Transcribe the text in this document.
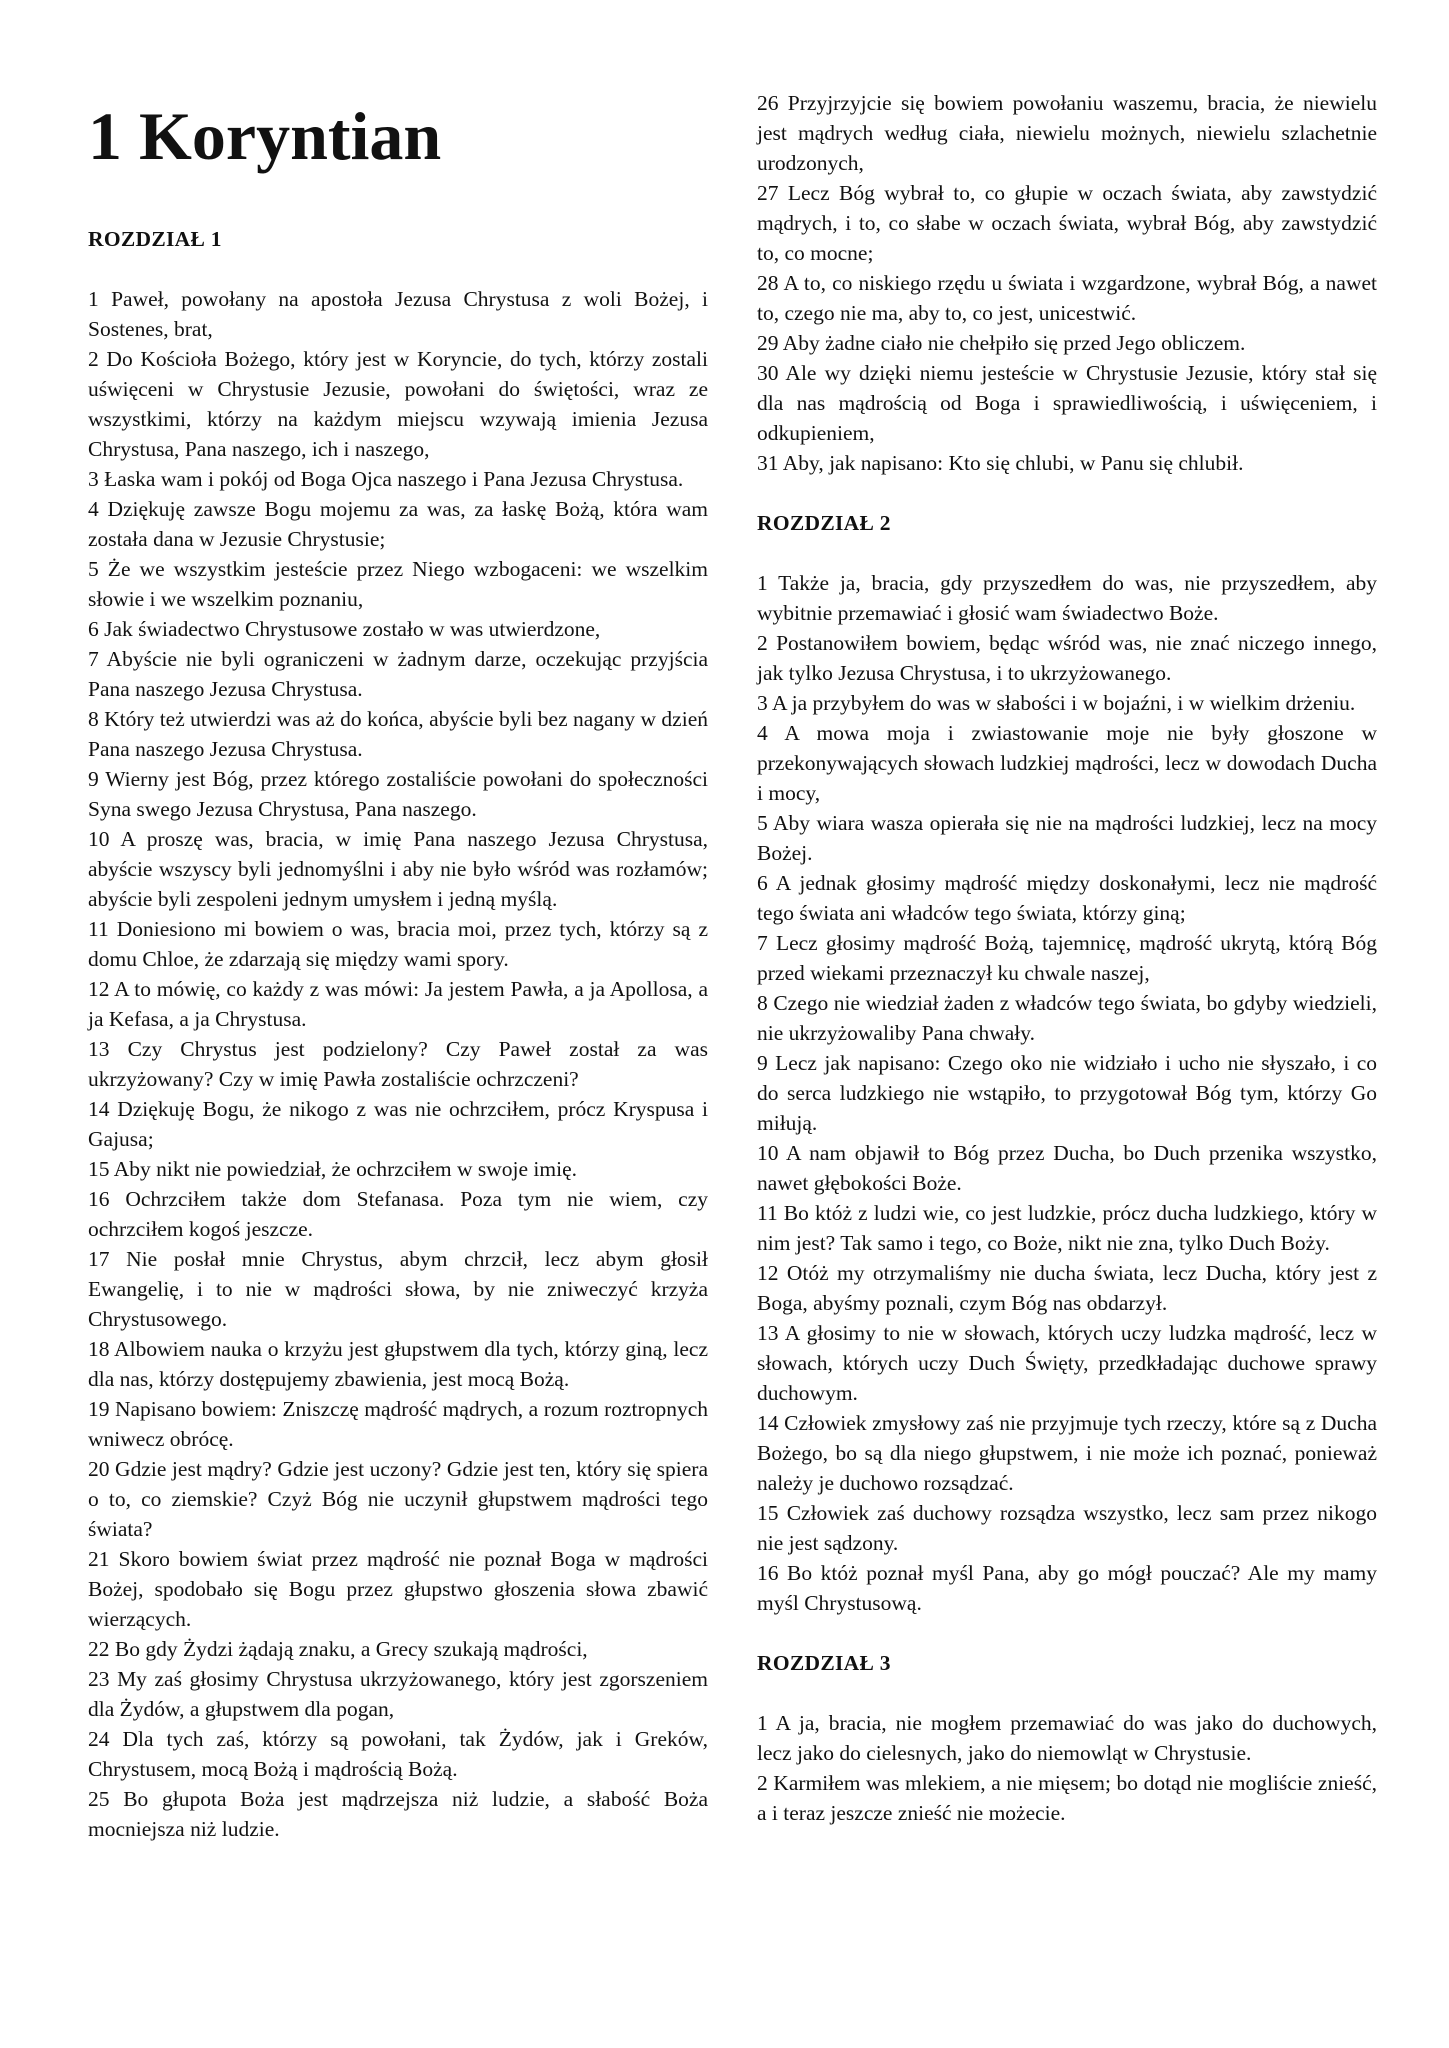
1 Koryntian
ROZDZIAŁ 1

1 Paweł, powołany na apostoła Jezusa Chrystusa z woli Bożej, i Sostenes, brat,

2 Do Kościoła Bożego, który jest w Koryncie, do tych, którzy zostali uświęceni w Chrystusie Jezusie, powołani do świętości, wraz ze wszystkimi, którzy na każdym miejscu wzywają imienia Jezusa Chrystusa, Pana naszego, ich i naszego,

3 Łaska wam i pokój od Boga Ojca naszego i Pana Jezusa Chrystusa.

4 Dziękuję zawsze Bogu mojemu za was, za łaskę Bożą, która wam została dana w Jezusie Chrystusie;

5 Że we wszystkim jesteście przez Niego wzbogaceni: we wszelkim słowie i we wszelkim poznaniu,

6 Jak świadectwo Chrystusowe zostało w was utwierdzone,

7 Abyście nie byli ograniczeni w żadnym darze, oczekując przyjścia Pana naszego Jezusa Chrystusa.

8 Który też utwierdzi was aż do końca, abyście byli bez nagany w dzień Pana naszego Jezusa Chrystusa.

9 Wierny jest Bóg, przez którego zostaliście powołani do społeczności Syna swego Jezusa Chrystusa, Pana naszego.

10 A proszę was, bracia, w imię Pana naszego Jezusa Chrystusa, abyście wszyscy byli jednomyślni i aby nie było wśród was rozłamów; abyście byli zespoleni jednym umysłem i jedną myślą.

11 Doniesiono mi bowiem o was, bracia moi, przez tych, którzy są z domu Chloe, że zdarzają się między wami spory.

12 A to mówię, co każdy z was mówi: Ja jestem Pawła, a ja Apollosa, a ja Kefasa, a ja Chrystusa.

13 Czy Chrystus jest podzielony? Czy Paweł został za was ukrzyżowany? Czy w imię Pawła zostaliście ochrzczeni?

14 Dziękuję Bogu, że nikogo z was nie ochrzciłem, prócz Kryspusa i Gajusa;

15 Aby nikt nie powiedział, że ochrzciłem w swoje imię.

16 Ochrzciłem także dom Stefanasa. Poza tym nie wiem, czy ochrzciłem kogoś jeszcze.

17 Nie posłał mnie Chrystus, abym chrzcił, lecz abym głosił Ewangelię, i to nie w mądrości słowa, by nie zniweczyć krzyża Chrystusowego.

18 Albowiem nauka o krzyżu jest głupstwem dla tych, którzy giną, lecz dla nas, którzy dostępujemy zbawienia, jest mocą Bożą.

19 Napisano bowiem: Zniszczę mądrość mądrych, a rozum roztropnych wniwecz obrócę.

20 Gdzie jest mądry? Gdzie jest uczony? Gdzie jest ten, który się spiera o to, co ziemskie? Czyż Bóg nie uczynił głupstwem mądrości tego świata?

21 Skoro bowiem świat przez mądrość nie poznał Boga w mądrości Bożej, spodobało się Bogu przez głupstwo głoszenia słowa zbawić wierzących.

22 Bo gdy Żydzi żądają znaku, a Grecy szukają mądrości,

23 My zaś głosimy Chrystusa ukrzyżowanego, który jest zgorszeniem dla Żydów, a głupstwem dla pogan,

24 Dla tych zaś, którzy są powołani, tak Żydów, jak i Greków, Chrystusem, mocą Bożą i mądrością Bożą.

25 Bo głupota Boża jest mądrzejsza niż ludzie, a słabość Boża mocniejsza niż ludzie.

26 Przyjrzyjcie się bowiem powołaniu waszemu, bracia, że niewielu jest mądrych według ciała, niewielu możnych, niewielu szlachetnie urodzonych,

27 Lecz Bóg wybrał to, co głupie w oczach świata, aby zawstydzić mądrych, i to, co słabe w oczach świata, wybrał Bóg, aby zawstydzić to, co mocne;

28 A to, co niskiego rzędu u świata i wzgardzone, wybrał Bóg, a nawet to, czego nie ma, aby to, co jest, unicestwić.

29 Aby żadne ciało nie chełpiło się przed Jego obliczem.

30 Ale wy dzięki niemu jesteście w Chrystusie Jezusie, który stał się dla nas mądrością od Boga i sprawiedliwością, i uświęceniem, i odkupieniem,

31 Aby, jak napisano: Kto się chlubi, w Panu się chlubił.

ROZDZIAŁ 2

1 Także ja, bracia, gdy przyszedłem do was, nie przyszedłem, aby wybitnie przemawiać i głosić wam świadectwo Boże.

2 Postanowiłem bowiem, będąc wśród was, nie znać niczego innego, jak tylko Jezusa Chrystusa, i to ukrzyżowanego.

3 A ja przybyłem do was w słabości i w bojaźni, i w wielkim drżeniu.

4 A mowa moja i zwiastowanie moje nie były głoszone w przekonywających słowach ludzkiej mądrości, lecz w dowodach Ducha i mocy,

5 Aby wiara wasza opierała się nie na mądrości ludzkiej, lecz na mocy Bożej.

6 A jednak głosimy mądrość między doskonałymi, lecz nie mądrość tego świata ani władców tego świata, którzy giną;

7 Lecz głosimy mądrość Bożą, tajemnicę, mądrość ukrytą, którą Bóg przed wiekami przeznaczył ku chwale naszej,

8 Czego nie wiedział żaden z władców tego świata, bo gdyby wiedzieli, nie ukrzyżowaliby Pana chwały.

9 Lecz jak napisano: Czego oko nie widziało i ucho nie słyszało, i co do serca ludzkiego nie wstąpiło, to przygotował Bóg tym, którzy Go miłują.

10 A nam objawił to Bóg przez Ducha, bo Duch przenika wszystko, nawet głębokości Boże.

11 Bo któż z ludzi wie, co jest ludzkie, prócz ducha ludzkiego, który w nim jest? Tak samo i tego, co Boże, nikt nie zna, tylko Duch Boży.

12 Otóż my otrzymaliśmy nie ducha świata, lecz Ducha, który jest z Boga, abyśmy poznali, czym Bóg nas obdarzył.

13 A głosimy to nie w słowach, których uczy ludzka mądrość, lecz w słowach, których uczy Duch Święty, przedkładając duchowe sprawy duchowym.

14 Człowiek zmysłowy zaś nie przyjmuje tych rzeczy, które są z Ducha Bożego, bo są dla niego głupstwem, i nie może ich poznać, ponieważ należy je duchowo rozsądzać.

15 Człowiek zaś duchowy rozsądza wszystko, lecz sam przez nikogo nie jest sądzony.

16 Bo któż poznał myśl Pana, aby go mógł pouczać? Ale my mamy myśl Chrystusową.

ROZDZIAŁ 3

1 A ja, bracia, nie mogłem przemawiać do was jako do duchowych, lecz jako do cielesnych, jako do niemowląt w Chrystusie.

2 Karmiłem was mlekiem, a nie mięsem; bo dotąd nie mogliście znieść, a i teraz jeszcze znieść nie możecie.
